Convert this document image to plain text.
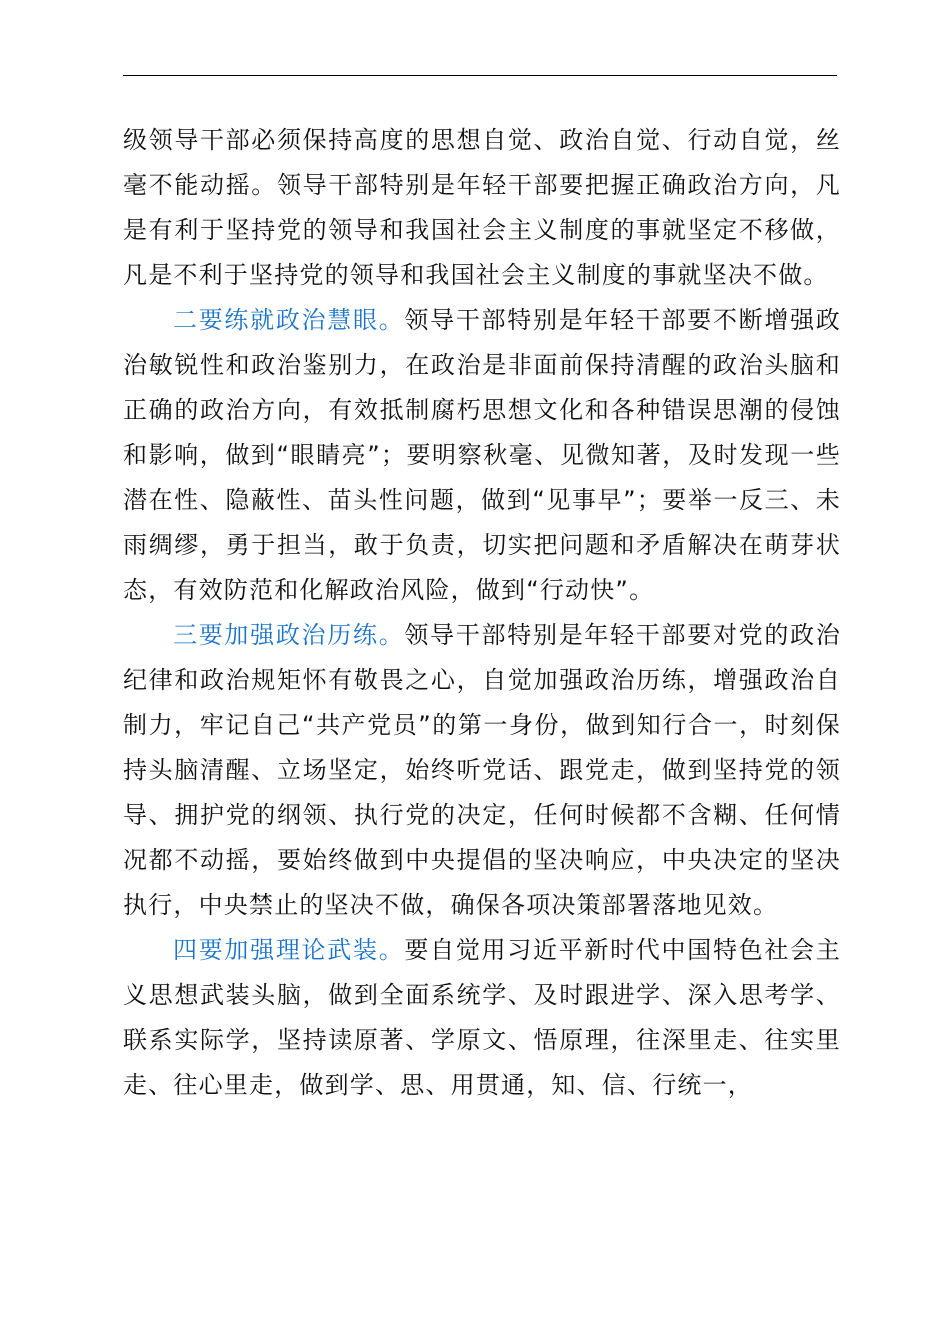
级领导干部必须保持高度的思想自觉、政治自觉、行动自觉，丝毫不能动摇。领导干部特别是年轻干部要把握正确政治方向，凡是有利于坚持党的领导和我国社会主义制度的事就坚定不移做，凡是不利于坚持党的领导和我国社会主义制度的事就坚决不做。

二要练就政治慧眼。领导干部特别是年轻干部要不断增强政治敏锐性和政治鉴别力，在政治是非面前保持清醒的政治头脑和正确的政治方向，有效抵制腐朽思想文化和各种错误思潮的侵蚀和影响，做到“眼睛亮”；要明察秋毫、见微知著，及时发现一些潜在性、隐蔽性、苗头性问题，做到“见事早”；要举一反三、未雨绸缪，勇于担当，敢于负责，切实把问题和矛盾解决在萌芽状态，有效防范和化解政治风险，做到“行动快”。

三要加强政治历练。领导干部特别是年轻干部要对党的政治纪律和政治规矩怀有敬畏之心，自觉加强政治历练，增强政治自制力，牢记自己“共产党员”的第一身份，做到知行合一，时刻保持头脑清醒、立场坚定，始终听党话、跟党走，做到坚持党的领导、拥护党的纲领、执行党的决定，任何时候都不含糊、任何情况都不动摇，要始终做到中央提倡的坚决响应，中央决定的坚决执行，中央禁止的坚决不做，确保各项决策部署落地见效。

四要加强理论武装。要自觉用习近平新时代中国特色社会主义思想武装头脑，做到全面系统学、及时跟进学、深入思考学、联系实际学，坚持读原著、学原文、悟原理，往深里走、往实里走、往心里走，做到学、思、用贯通，知、信、行统一，
